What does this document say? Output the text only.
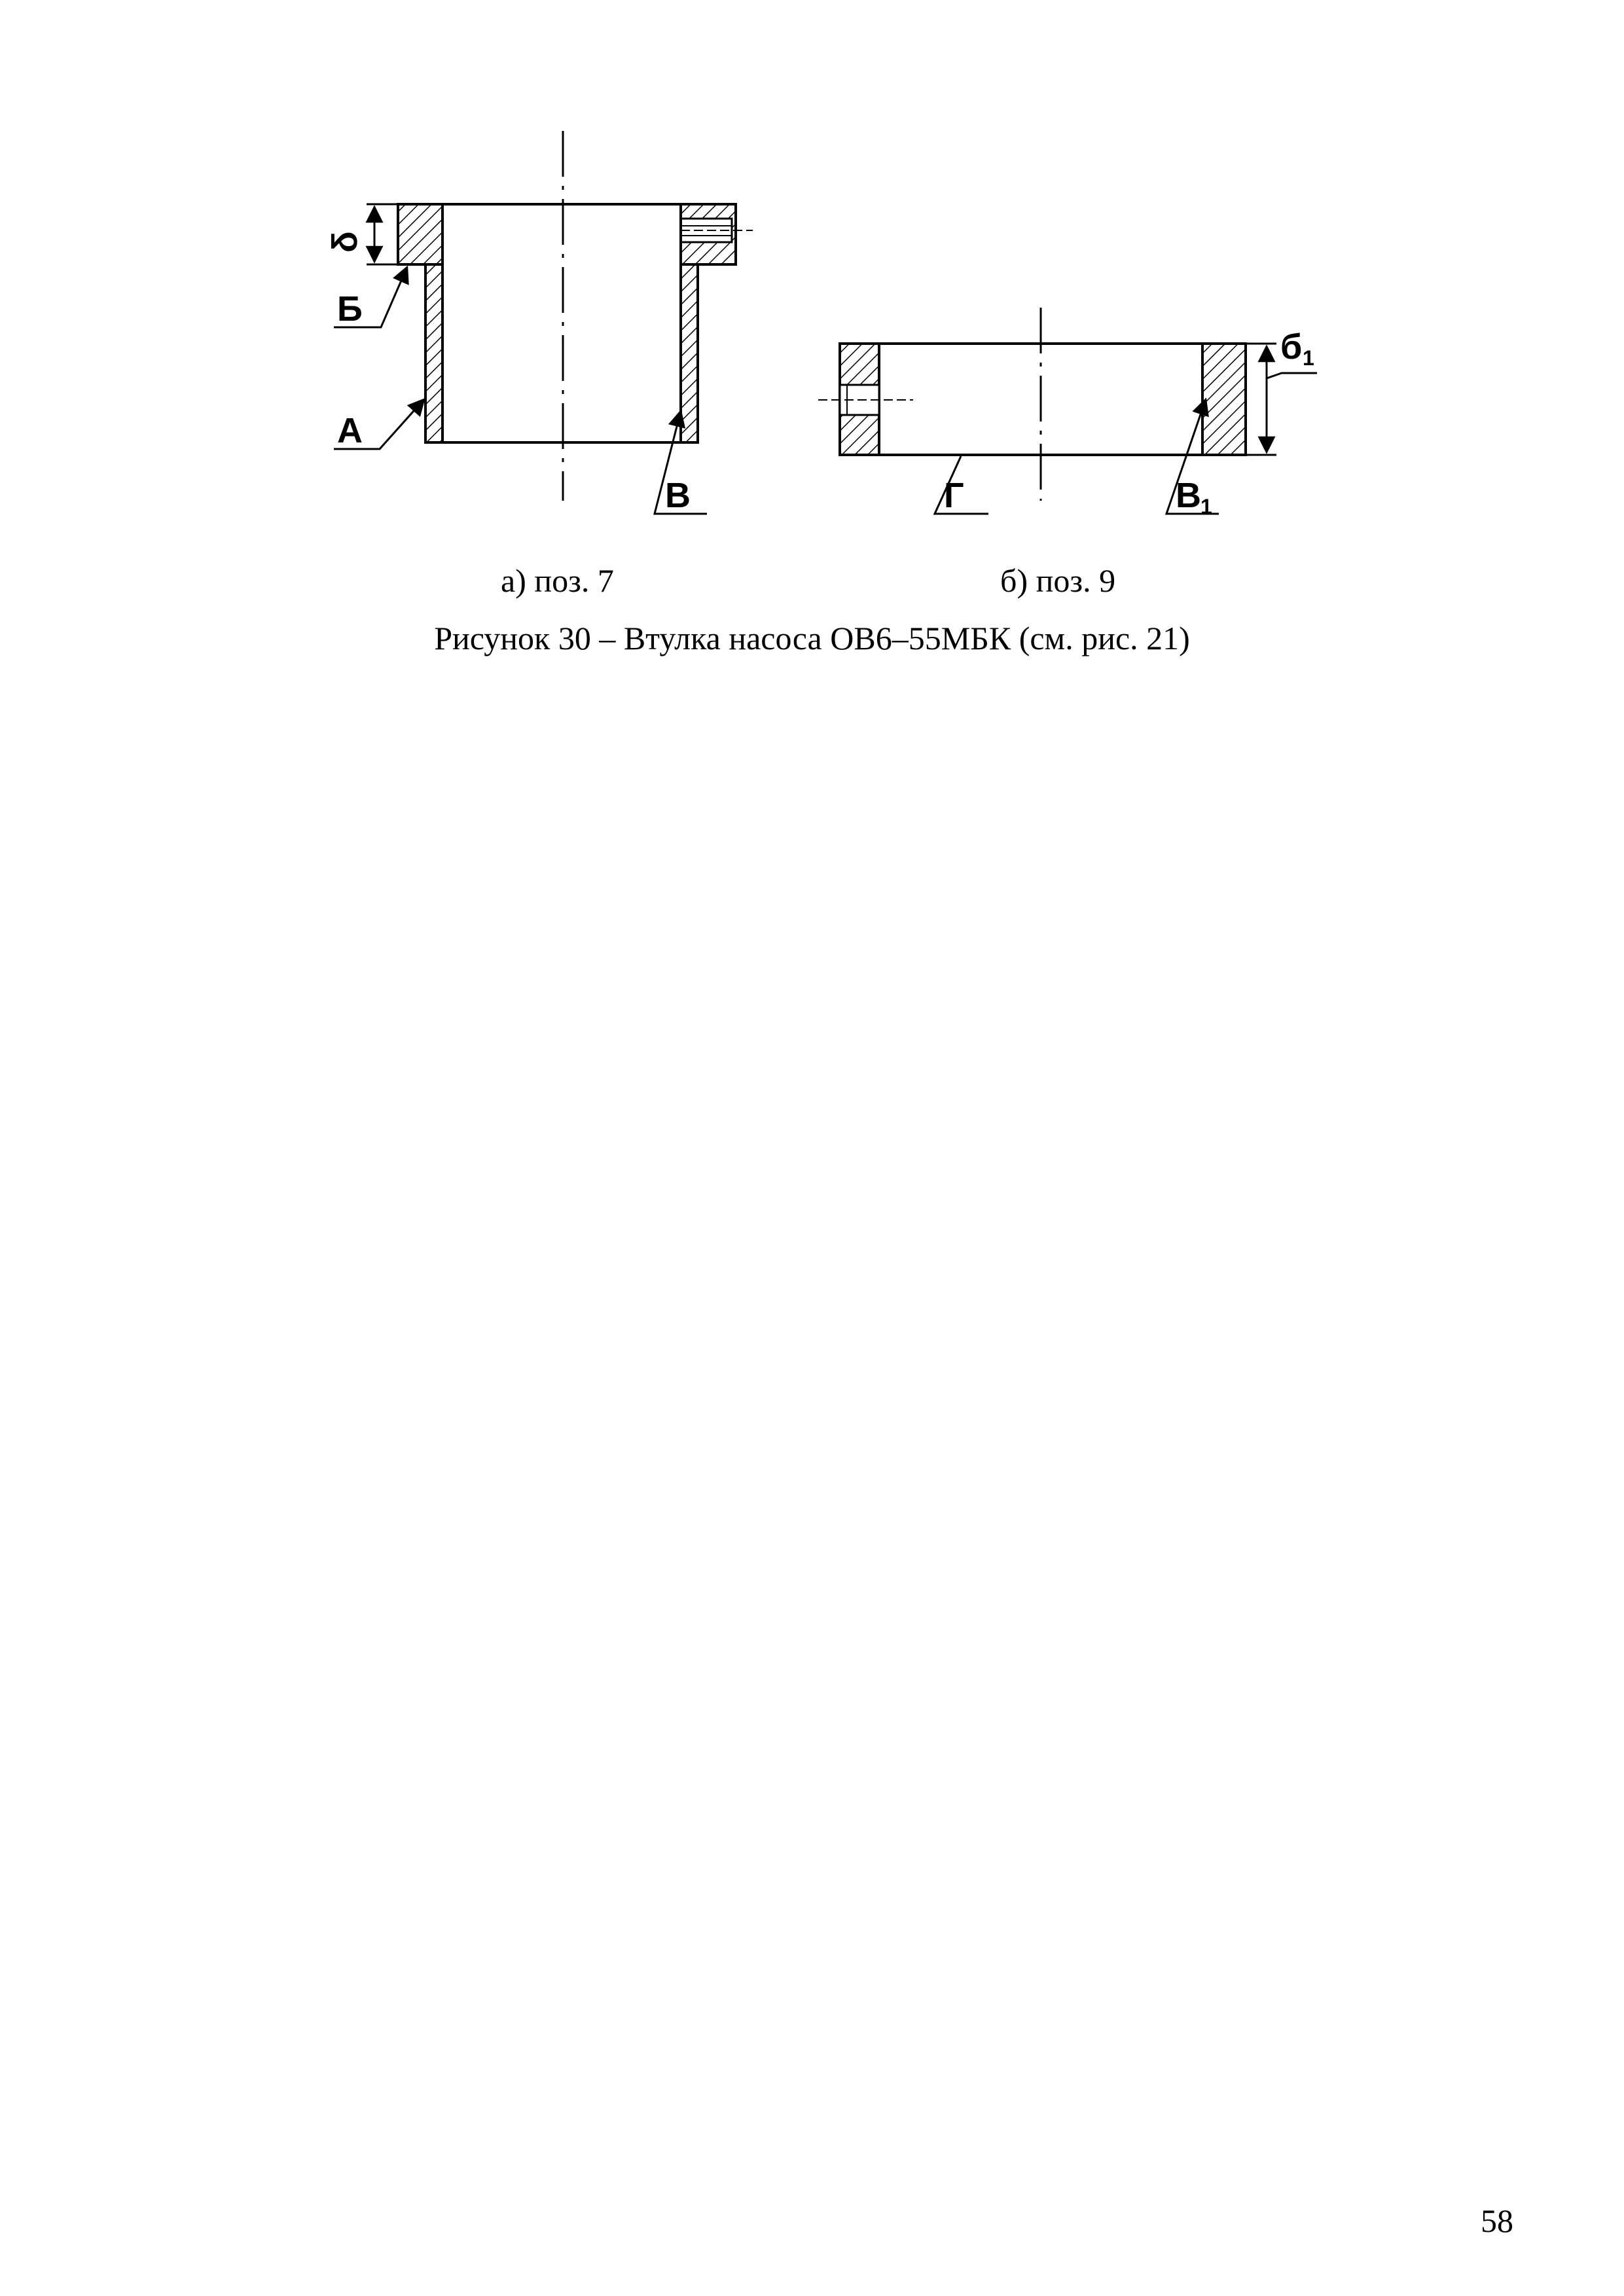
δ
Б
А
В
б 1
Г	В 1
а) поз. 7	б) поз. 9
Рисунок 30 – Втулка насоса ОВ6–55МБК (см. рис. 21)
58
